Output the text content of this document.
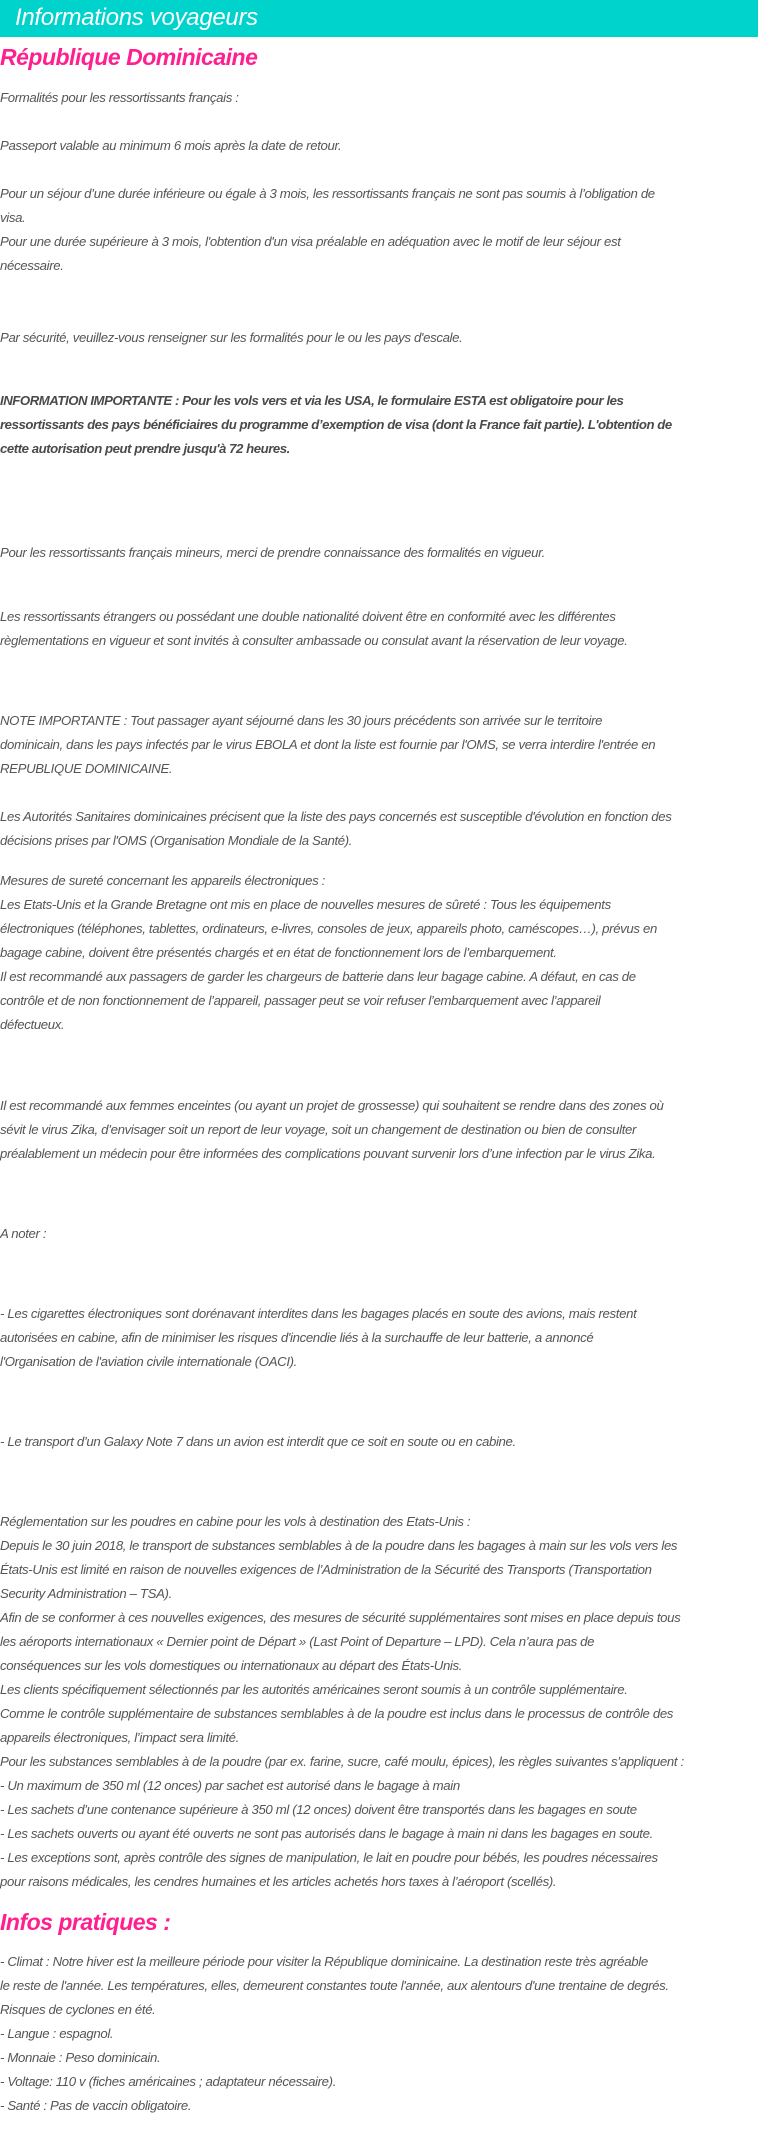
Informations voyageurs
République Dominicaine
Formalités pour les ressortissants français :
Passeport valable au minimum 6 mois après la date de retour.
Pour un séjour d’une durée inférieure ou égale à 3 mois, les ressortissants français ne sont pas soumis à l’obligation de
visa.
Pour une durée supérieure à 3 mois, l'obtention d'un visa préalable en adéquation avec le motif de leur séjour est
nécessaire.
Par sécurité, veuillez-vous renseigner sur les formalités pour le ou les pays d'escale.
INFORMATION IMPORTANTE : Pour les vols vers et via les USA, le formulaire ESTA est obligatoire pour les
ressortissants des pays bénéficiaires du programme d’exemption de visa (dont la France fait partie). L'obtention de
cette autorisation peut prendre jusqu'à 72 heures.
Pour les ressortissants français mineurs, merci de prendre connaissance des formalités en vigueur.
Les ressortissants étrangers ou possédant une double nationalité doivent être en conformité avec les différentes
règlementations en vigueur et sont invités à consulter ambassade ou consulat avant la réservation de leur voyage.
NOTE IMPORTANTE : Tout passager ayant séjourné dans les 30 jours précédents son arrivée sur le territoire
dominicain, dans les pays infectés par le virus EBOLA et dont la liste est fournie par l'OMS, se verra interdire l'entrée en
REPUBLIQUE DOMINICAINE.
Les Autorités Sanitaires dominicaines précisent que la liste des pays concernés est susceptible d'évolution en fonction des
décisions prises par l'OMS (Organisation Mondiale de la Santé).
Mesures de sureté concernant les appareils électroniques :
Les Etats-Unis et la Grande Bretagne ont mis en place de nouvelles mesures de sûreté : Tous les équipements
électroniques (téléphones, tablettes, ordinateurs, e-livres, consoles de jeux, appareils photo, caméscopes…), prévus en
bagage cabine, doivent être présentés chargés et en état de fonctionnement lors de l’embarquement.
Il est recommandé aux passagers de garder les chargeurs de batterie dans leur bagage cabine. A défaut, en cas de
contrôle et de non fonctionnement de l’appareil, passager peut se voir refuser l’embarquement avec l’appareil
défectueux.
Il est recommandé aux femmes enceintes (ou ayant un projet de grossesse) qui souhaitent se rendre dans des zones où
sévit le virus Zika, d’envisager soit un report de leur voyage, soit un changement de destination ou bien de consulter
préalablement un médecin pour être informées des complications pouvant survenir lors d’une infection par le virus Zika.
A noter :
- Les cigarettes électroniques sont dorénavant interdites dans les bagages placés en soute des avions, mais restent
autorisées en cabine, afin de minimiser les risques d'incendie liés à la surchauffe de leur batterie, a annoncé
l'Organisation de l'aviation civile internationale (OACI).
- Le transport d’un Galaxy Note 7 dans un avion est interdit que ce soit en soute ou en cabine.
Réglementation sur les poudres en cabine pour les vols à destination des Etats-Unis :
Depuis le 30 juin 2018, le transport de substances semblables à de la poudre dans les bagages à main sur les vols vers les
États-Unis est limité en raison de nouvelles exigences de l’Administration de la Sécurité des Transports (Transportation
Security Administration – TSA).
Afin de se conformer à ces nouvelles exigences, des mesures de sécurité supplémentaires sont mises en place depuis tous
les aéroports internationaux « Dernier point de Départ » (Last Point of Departure – LPD). Cela n’aura pas de
conséquences sur les vols domestiques ou internationaux au départ des États-Unis.
Les clients spécifiquement sélectionnés par les autorités américaines seront soumis à un contrôle supplémentaire.
Comme le contrôle supplémentaire de substances semblables à de la poudre est inclus dans le processus de contrôle des
appareils électroniques, l’impact sera limité.
Pour les substances semblables à de la poudre (par ex. farine, sucre, café moulu, épices), les règles suivantes s’appliquent :
- Un maximum de 350 ml (12 onces) par sachet est autorisé dans le bagage à main
- Les sachets d’une contenance supérieure à 350 ml (12 onces) doivent être transportés dans les bagages en soute
- Les sachets ouverts ou ayant été ouverts ne sont pas autorisés dans le bagage à main ni dans les bagages en soute.
- Les exceptions sont, après contrôle des signes de manipulation, le lait en poudre pour bébés, les poudres nécessaires
pour raisons médicales, les cendres humaines et les articles achetés hors taxes à l’aéroport (scellés).
Infos pratiques :
- Climat : Notre hiver est la meilleure période pour visiter la République dominicaine. La destination reste très agréable
le reste de l'année. Les températures, elles, demeurent constantes toute l'année, aux alentours d'une trentaine de degrés.
Risques de cyclones en été.
- Langue : espagnol.
- Monnaie : Peso dominicain.
- Voltage: 110 v (fiches américaines ; adaptateur nécessaire).
- Santé : Pas de vaccin obligatoire.
